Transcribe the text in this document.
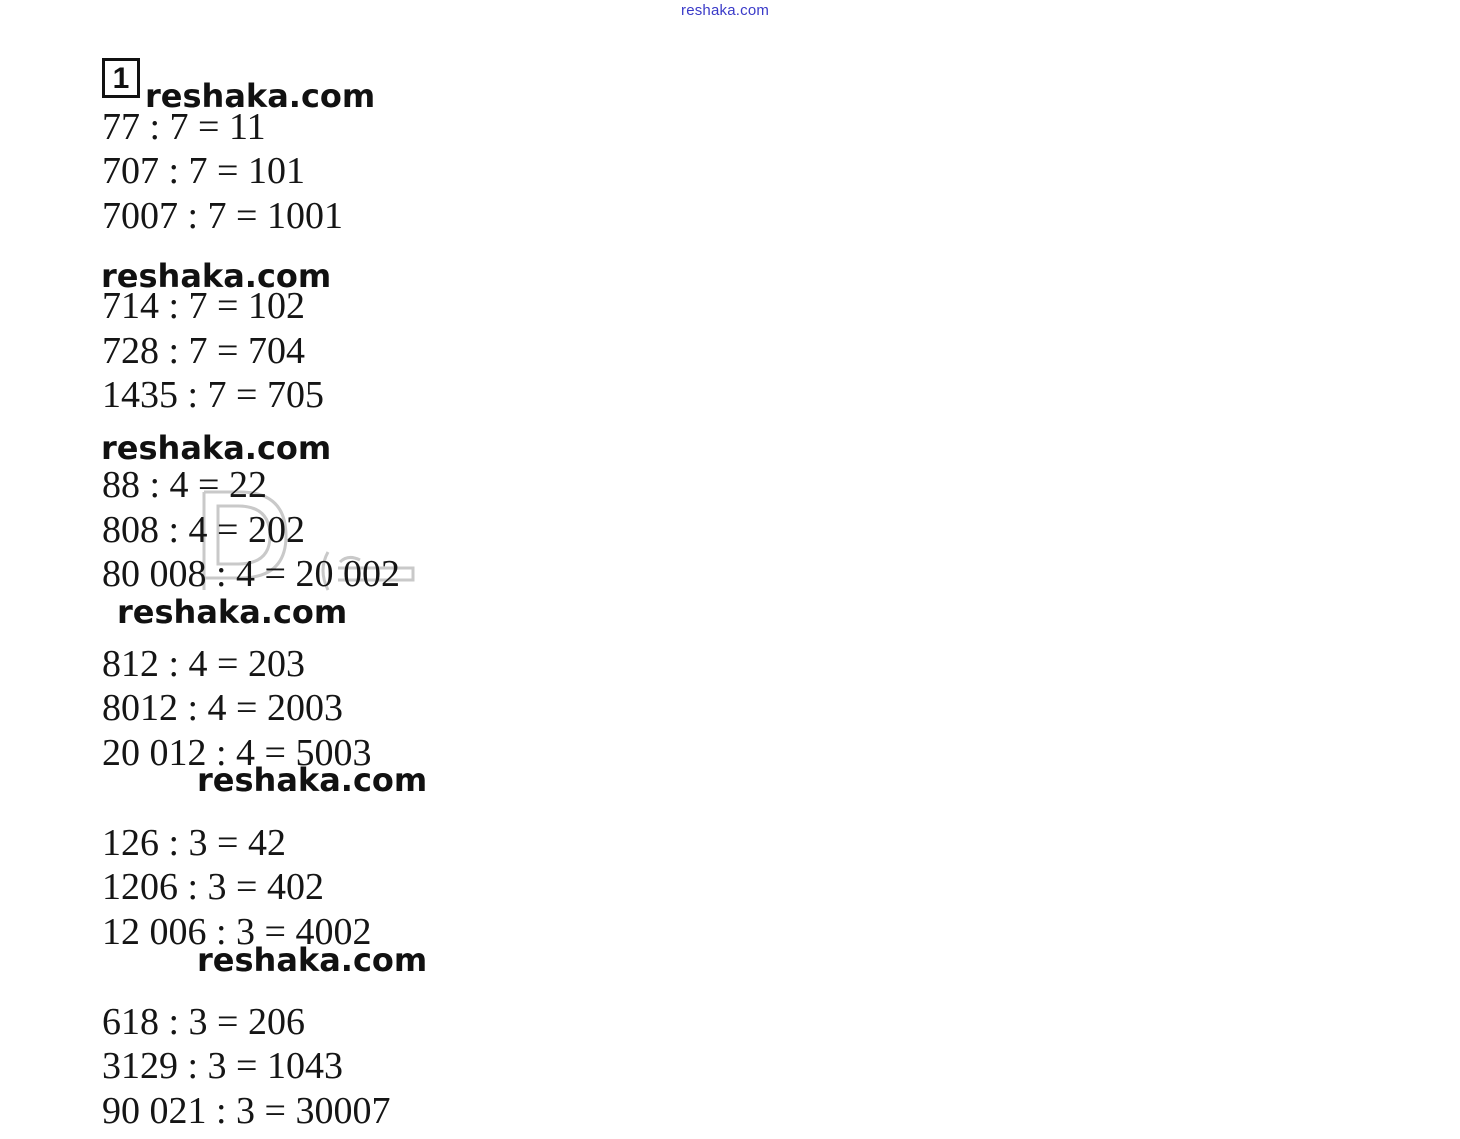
reshaka.com
1 reshaka.com
reshaka.com
reshaka.com
reshaka.com
reshaka.com
reshaka.com
77 : 7 = 11
707 : 7 = 101
7007 : 7 = 1001
714 : 7 = 102
728 : 7 = 704
1435 : 7 = 705
88 : 4 = 22
808 : 4 = 202
80 008 : 4 = 20 002
812 : 4 = 203
8012 : 4 = 2003
20 012 : 4 = 5003
126 : 3 = 42
1206 : 3 = 402
12 006 : 3 = 4002
618 : 3 = 206
3129 : 3 = 1043
90 021 : 3 = 30007
